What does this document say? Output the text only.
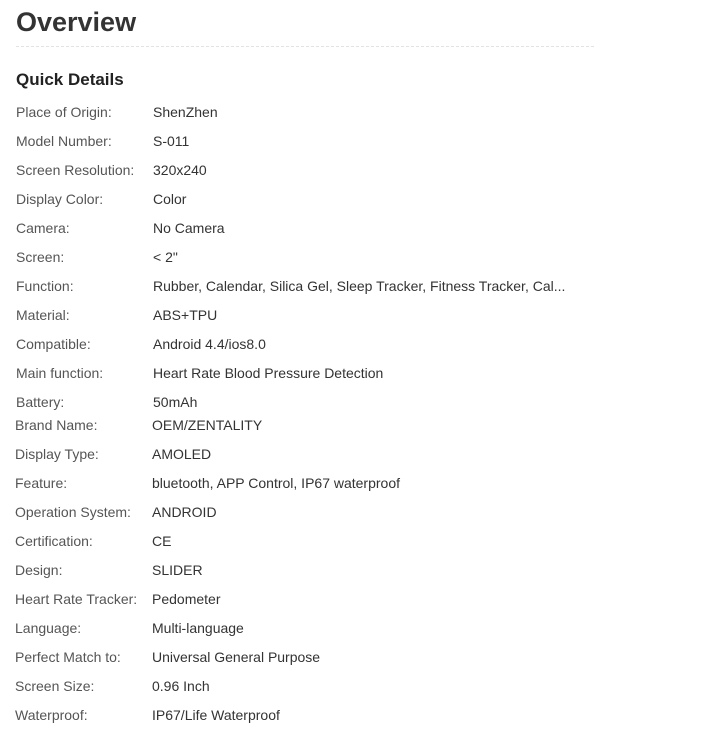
Overview
Quick Details
Place of Origin:	ShenZhen
Model Number:	S-011
Screen Resolution: 320x240
Display Color:	Color
Camera:	No Camera
Screen:	< 2"
Function:	Rubber, Calendar, Silica Gel, Sleep Tracker, Fitness Tracker, Cal...
Material:	ABS+TPU
Compatible:	Android 4.4/ios8.0
Main function:	Heart Rate Blood Pressure Detection
Battery:	50mAh
Brand Name:	OEM/ZENTALITY
Display Type:	AMOLED
Feature:	bluetooth, APP Control, IP67 waterproof
Operation System: ANDROID
Certification:	CE
Design:	SLIDER
Heart Rate Tracker: Pedometer
Language:	Multi-language
Perfect Match to: Universal General Purpose
Screen Size:	0.96 Inch
Waterproof:	IP67/Life Waterproof
